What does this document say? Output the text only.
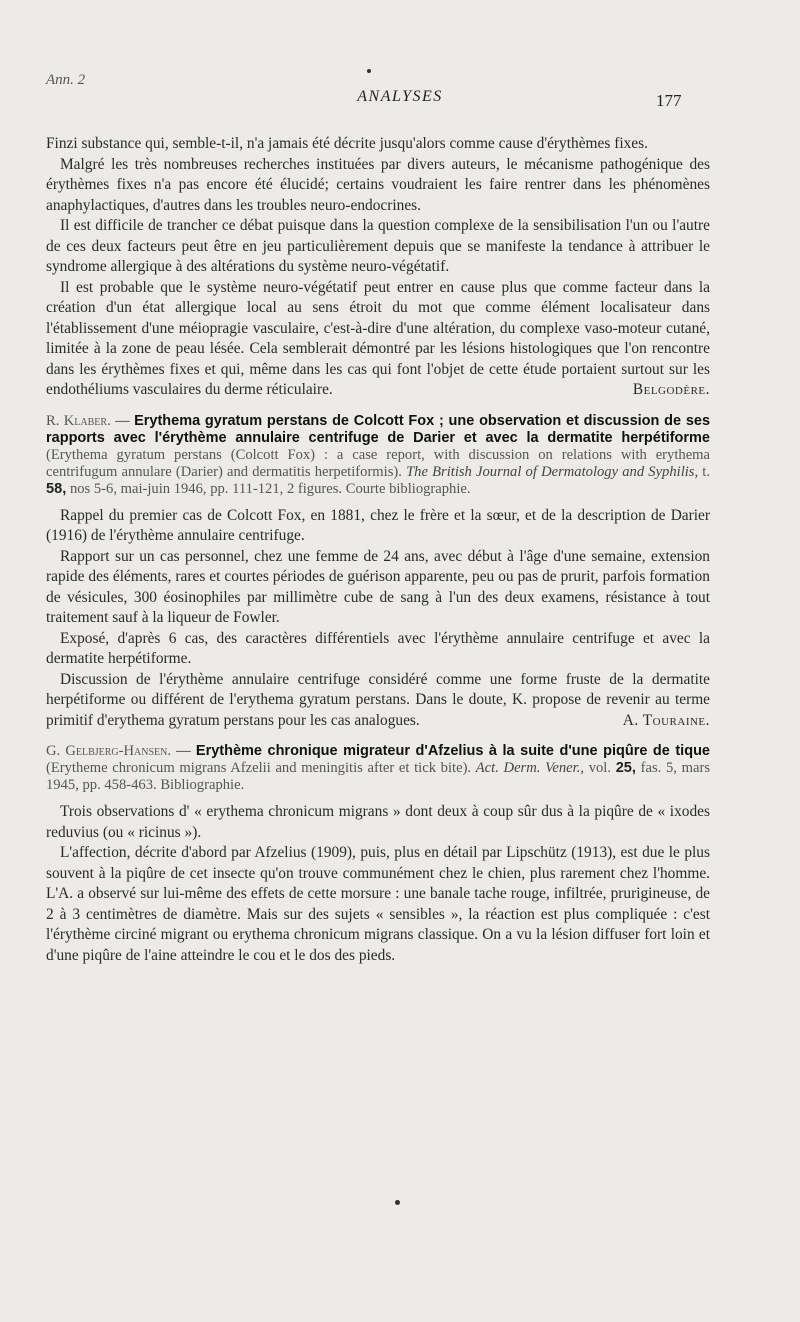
Ann. 2
ANALYSES	177

Finzi substance qui, semble-t-il, n'a jamais été décrite jusqu'alors comme cause d'érythèmes fixes.

Malgré les très nombreuses recherches instituées par divers auteurs, le mécanisme pathogénique des érythèmes fixes n'a pas encore été élucidé; certains voudraient les faire rentrer dans les phénomènes anaphylactiques, d'autres dans les troubles neuro-endocrines.

Il est difficile de trancher ce débat puisque dans la question complexe de la sensibilisation l'un ou l'autre de ces deux facteurs peut être en jeu particulièrement depuis que se manifeste la tendance à attribuer le syndrome allergique à des altérations du système neuro-végétatif.

Il est probable que le système neuro-végétatif peut entrer en cause plus que comme facteur dans la création d'un état allergique local au sens étroit du mot que comme élément localisateur dans l'établissement d'une méiopragie vasculaire, c'est-à-dire d'une altération, du complexe vaso-moteur cutané, limitée à la zone de peau lésée. Cela semblerait démontré par les lésions histologiques que l'on rencontre dans les érythèmes fixes et qui, même dans les cas qui font l'objet de cette étude portaient surtout sur les endothéliums vasculaires du derme réticulaire.	Belgodère.

R. Klaber. — Erythema gyratum perstans de Colcott Fox ; une observation et discussion de ses rapports avec l'érythème annulaire centrifuge de Darier et avec la dermatite herpétiforme (Erythema gyratum perstans (Colcott Fox) : a case report, with discussion on relations with erythema centrifugum annulare (Darier) and dermatitis herpetiformis). The British Journal of Dermatology and Syphilis, t. 58, nos 5-6, mai-juin 1946, pp. 111-121, 2 figures. Courte bibliographie.

Rappel du premier cas de Colcott Fox, en 1881, chez le frère et la sœur, et de la description de Darier (1916) de l'érythème annulaire centrifuge.

Rapport sur un cas personnel, chez une femme de 24 ans, avec début à l'âge d'une semaine, extension rapide des éléments, rares et courtes périodes de guérison apparente, peu ou pas de prurit, parfois formation de vésicules, 300 éosinophiles par millimètre cube de sang à l'un des deux examens, résistance à tout traitement sauf à la liqueur de Fowler.

Exposé, d'après 6 cas, des caractères différentiels avec l'érythème annulaire centrifuge et avec la dermatite herpétiforme.

Discussion de l'érythème annulaire centrifuge considéré comme une forme fruste de la dermatite herpétiforme ou différent de l'erythema gyratum perstans. Dans le doute, K. propose de revenir au terme primitif d'erythema gyratum perstans pour les cas analogues.	A. Touraine.

G. Gelbjerg-Hansen. — Erythème chronique migrateur d'Afzelius à la suite d'une piqûre de tique (Erytheme chronicum migrans Afzelii and meningitis after et tick bite). Act. Derm. Vener., vol. 25, fas. 5, mars 1945, pp. 458-463. Bibliographie.

Trois observations d' « erythema chronicum migrans » dont deux à coup sûr dus à la piqûre de « ixodes reduvius (ou « ricinus »).

L'affection, décrite d'abord par Afzelius (1909), puis, plus en détail par Lipschütz (1913), est due le plus souvent à la piqûre de cet insecte qu'on trouve communément chez le chien, plus rarement chez l'homme. L'A. a observé sur lui-même des effets de cette morsure : une banale tache rouge, infiltrée, prurigineuse, de 2 à 3 centimètres de diamètre. Mais sur des sujets « sensibles », la réaction est plus compliquée : c'est l'érythème circiné migrant ou erythema chronicum migrans classique. On a vu la lésion diffuser fort loin et d'une piqûre de l'aine atteindre le cou et le dos des pieds.
